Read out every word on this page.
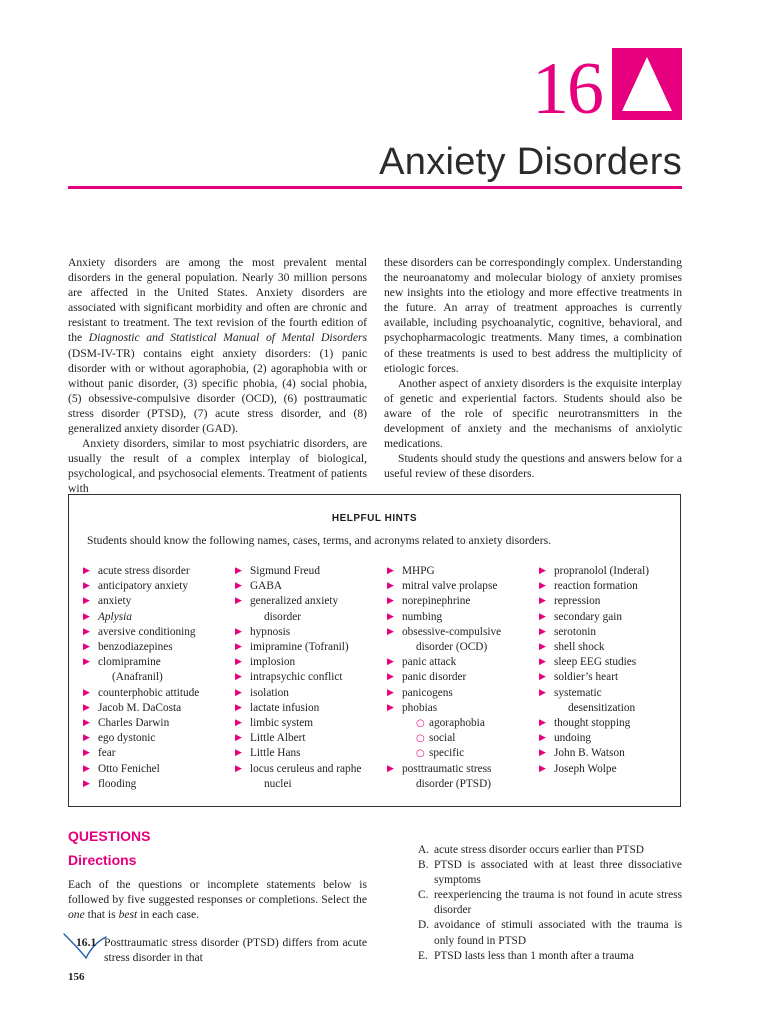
16
Anxiety Disorders

Anxiety disorders are among the most prevalent mental disorders in the general population. Nearly 30 million persons are affected in the United States. Anxiety disorders are associated with significant morbidity and often are chronic and resistant to treatment. The text revision of the fourth edition of the Diagnostic and Statistical Manual of Mental Disorders (DSM-IV-TR) contains eight anxiety disorders: (1) panic disorder with or without agoraphobia, (2) agoraphobia with or without panic disorder, (3) specific phobia, (4) social phobia, (5) obsessive-compulsive disorder (OCD), (6) posttraumatic stress disorder (PTSD), (7) acute stress disorder, and (8) generalized anxiety disorder (GAD).

Anxiety disorders, similar to most psychiatric disorders, are usually the result of a complex interplay of biological, psychological, and psychosocial elements. Treatment of patients with

these disorders can be correspondingly complex. Understanding the neuroanatomy and molecular biology of anxiety promises new insights into the etiology and more effective treatments in the future. An array of treatment approaches is currently available, including psychoanalytic, cognitive, behavioral, and psychopharmacologic treatments. Many times, a combination of these treatments is used to best address the multiplicity of etiologic forces.

Another aspect of anxiety disorders is the exquisite interplay of genetic and experiential factors. Students should also be aware of the role of specific neurotransmitters in the development of anxiety and the mechanisms of anxiolytic medications.

Students should study the questions and answers below for a useful review of these disorders.

HELPFUL HINTS
Students should know the following names, cases, terms, and acronyms related to anxiety disorders.
▶ acute stress disorder
▶ anticipatory anxiety
▶ anxiety
▶ Aplysia
▶ aversive conditioning
▶ benzodiazepines
▶ clomipramine
(Anafranil)
▶ counterphobic attitude
▶ Jacob M. DaCosta
▶ Charles Darwin
▶ ego dystonic
▶ fear
▶ Otto Fenichel
▶ flooding
▶ Sigmund Freud
▶ GABA
▶ generalized anxiety
disorder
▶ hypnosis
▶ imipramine (Tofranil)
▶ implosion
▶ intrapsychic conflict
▶ isolation
▶ lactate infusion
▶ limbic system
▶ Little Albert
▶ Little Hans
▶ locus ceruleus and raphe
nuclei
▶ MHPG
▶ mitral valve prolapse
▶ norepinephrine
▶ numbing
▶ obsessive-compulsive
disorder (OCD)
▶ panic attack
▶ panic disorder
▶ panicogens
▶ phobias
○ agoraphobia
○ social
○ specific
▶ posttraumatic stress
disorder (PTSD)
▶ propranolol (Inderal)
▶ reaction formation
▶ repression
▶ secondary gain
▶ serotonin
▶ shell shock
▶ sleep EEG studies
▶ soldier’s heart
▶ systematic
desensitization
▶ thought stopping
▶ undoing
▶ John B. Watson
▶ Joseph Wolpe
QUESTIONS
Directions

Each of the questions or incomplete statements below is followed by five suggested responses or completions. Select the one that is best in each case.

16.1 Posttraumatic stress disorder (PTSD) differs from acute stress disorder in that
A. acute stress disorder occurs earlier than PTSD
B. PTSD is associated with at least three dissociative symptoms
C. reexperiencing the trauma is not found in acute stress disorder
D. avoidance of stimuli associated with the trauma is only found in PTSD
E. PTSD lasts less than 1 month after a trauma
156
